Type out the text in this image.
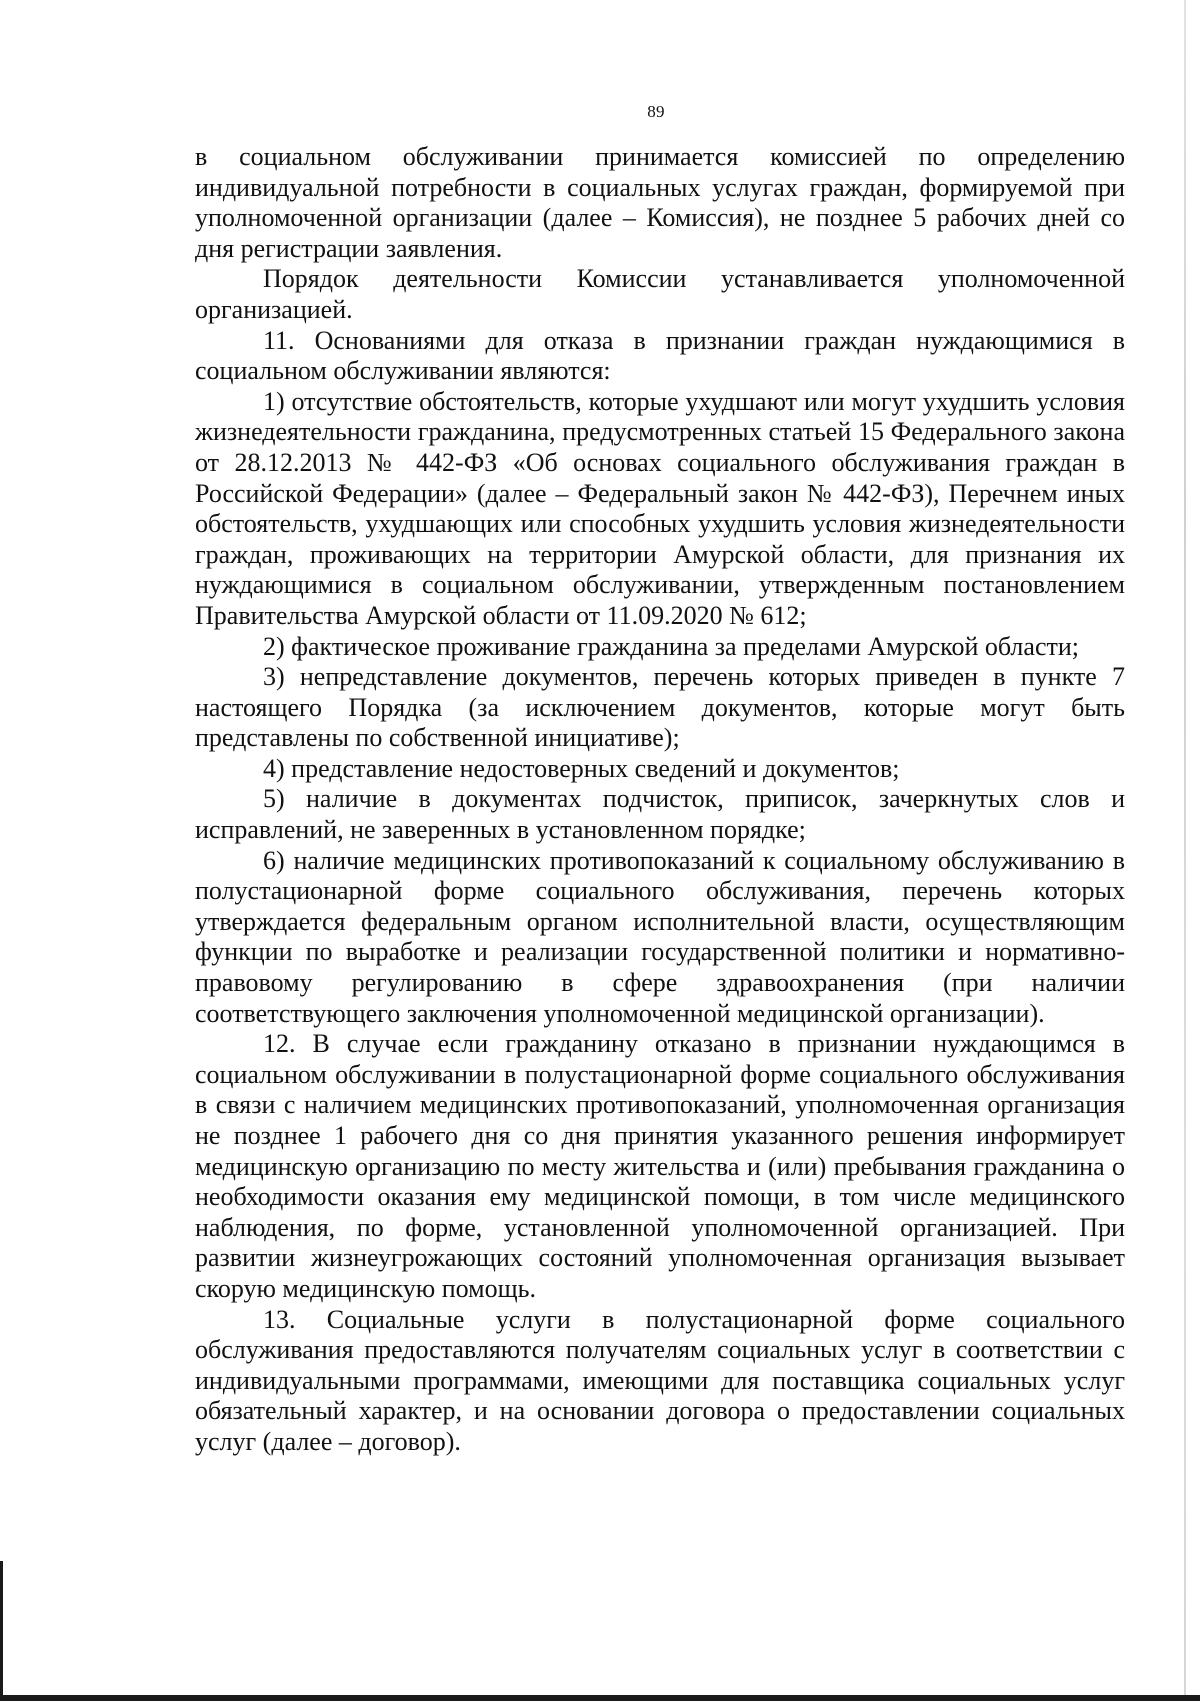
89

в социальном обслуживании принимается комиссией по определению индивидуальной потребности в социальных услугах граждан, формируемой при уполномоченной организации (далее – Комиссия), не позднее 5 рабочих дней со дня регистрации заявления.

Порядок деятельности Комиссии устанавливается уполномоченной организацией.

11. Основаниями для отказа в признании граждан нуждающимися в социальном обслуживании являются:

1) отсутствие обстоятельств, которые ухудшают или могут ухудшить условия жизнедеятельности гражданина, предусмотренных статьей 15 Федерального закона от 28.12.2013 № 442-ФЗ «Об основах социального обслуживания граждан в Российской Федерации» (далее – Федеральный закон № 442-ФЗ), Перечнем иных обстоятельств, ухудшающих или способных ухудшить условия жизнедеятельности граждан, проживающих на территории Амурской области, для признания их нуждающимися в социальном обслуживании, утвержденным постановлением Правительства Амурской области от 11.09.2020 № 612;

2) фактическое проживание гражданина за пределами Амурской области;

3) непредставление документов, перечень которых приведен в пункте 7 настоящего Порядка (за исключением документов, которые могут быть представлены по собственной инициативе);

4) представление недостоверных сведений и документов;

5) наличие в документах подчисток, приписок, зачеркнутых слов и исправлений, не заверенных в установленном порядке;

6) наличие медицинских противопоказаний к социальному обслуживанию в полустационарной форме социального обслуживания, перечень которых утверждается федеральным органом исполнительной власти, осуществляющим функции по выработке и реализации государственной политики и нормативно-правовому регулированию в сфере здравоохранения (при наличии соответствующего заключения уполномоченной медицинской организации).

12. В случае если гражданину отказано в признании нуждающимся в социальном обслуживании в полустационарной форме социального обслуживания в связи с наличием медицинских противопоказаний, уполномоченная организация не позднее 1 рабочего дня со дня принятия указанного решения информирует медицинскую организацию по месту жительства и (или) пребывания гражданина о необходимости оказания ему медицинской помощи, в том числе медицинского наблюдения, по форме, установленной уполномоченной организацией. При развитии жизнеугрожающих состояний уполномоченная организация вызывает скорую медицинскую помощь.

13. Социальные услуги в полустационарной форме социального обслуживания предоставляются получателям социальных услуг в соответствии с индивидуальными программами, имеющими для поставщика социальных услуг обязательный характер, и на основании договора о предоставлении социальных услуг (далее – договор).
